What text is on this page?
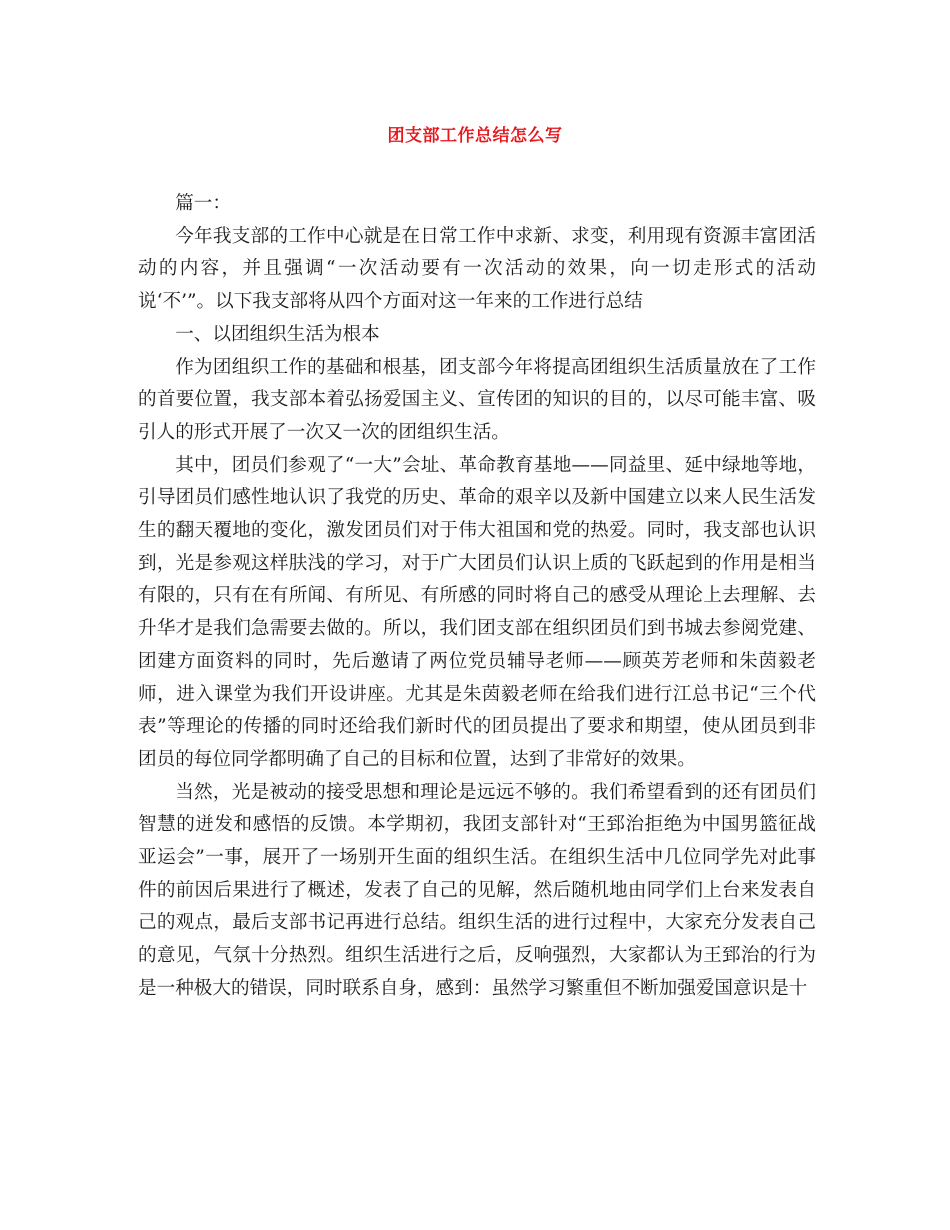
团支部工作总结怎么写

篇一：

今年我支部的工作中心就是在日常工作中求新、求变，利用现有资源丰富团活动的内容，并且强调“一次活动要有一次活动的效果，向一切走形式的活动说‘不’”。以下我支部将从四个方面对这一年来的工作进行总结

一、以团组织生活为根本

作为团组织工作的基础和根基，团支部今年将提高团组织生活质量放在了工作的首要位置，我支部本着弘扬爱国主义、宣传团的知识的目的，以尽可能丰富、吸引人的形式开展了一次又一次的团组织生活。

其中，团员们参观了“一大”会址、革命教育基地——同益里、延中绿地等地，引导团员们感性地认识了我党的历史、革命的艰辛以及新中国建立以来人民生活发生的翻天覆地的变化，激发团员们对于伟大祖国和党的热爱。同时，我支部也认识到，光是参观这样肤浅的学习，对于广大团员们认识上质的飞跃起到的作用是相当有限的，只有在有所闻、有所见、有所感的同时将自己的感受从理论上去理解、去升华才是我们急需要去做的。所以，我们团支部在组织团员们到书城去参阅党建、团建方面资料的同时，先后邀请了两位党员辅导老师——顾英芳老师和朱茵毅老师，进入课堂为我们开设讲座。尤其是朱茵毅老师在给我们进行江总书记“三个代表”等理论的传播的同时还给我们新时代的团员提出了要求和期望，使从团员到非团员的每位同学都明确了自己的目标和位置，达到了非常好的效果。

当然，光是被动的接受思想和理论是远远不够的。我们希望看到的还有团员们智慧的迸发和感悟的反馈。本学期初，我团支部针对“王郅治拒绝为中国男篮征战亚运会”一事，展开了一场别开生面的组织生活。在组织生活中几位同学先对此事件的前因后果进行了概述，发表了自己的见解，然后随机地由同学们上台来发表自己的观点，最后支部书记再进行总结。组织生活的进行过程中，大家充分发表自己的意见，气氛十分热烈。组织生活进行之后，反响强烈，大家都认为王郅治的行为是一种极大的错误，同时联系自身，感到：虽然学习繁重但不断加强爱国意识是十
